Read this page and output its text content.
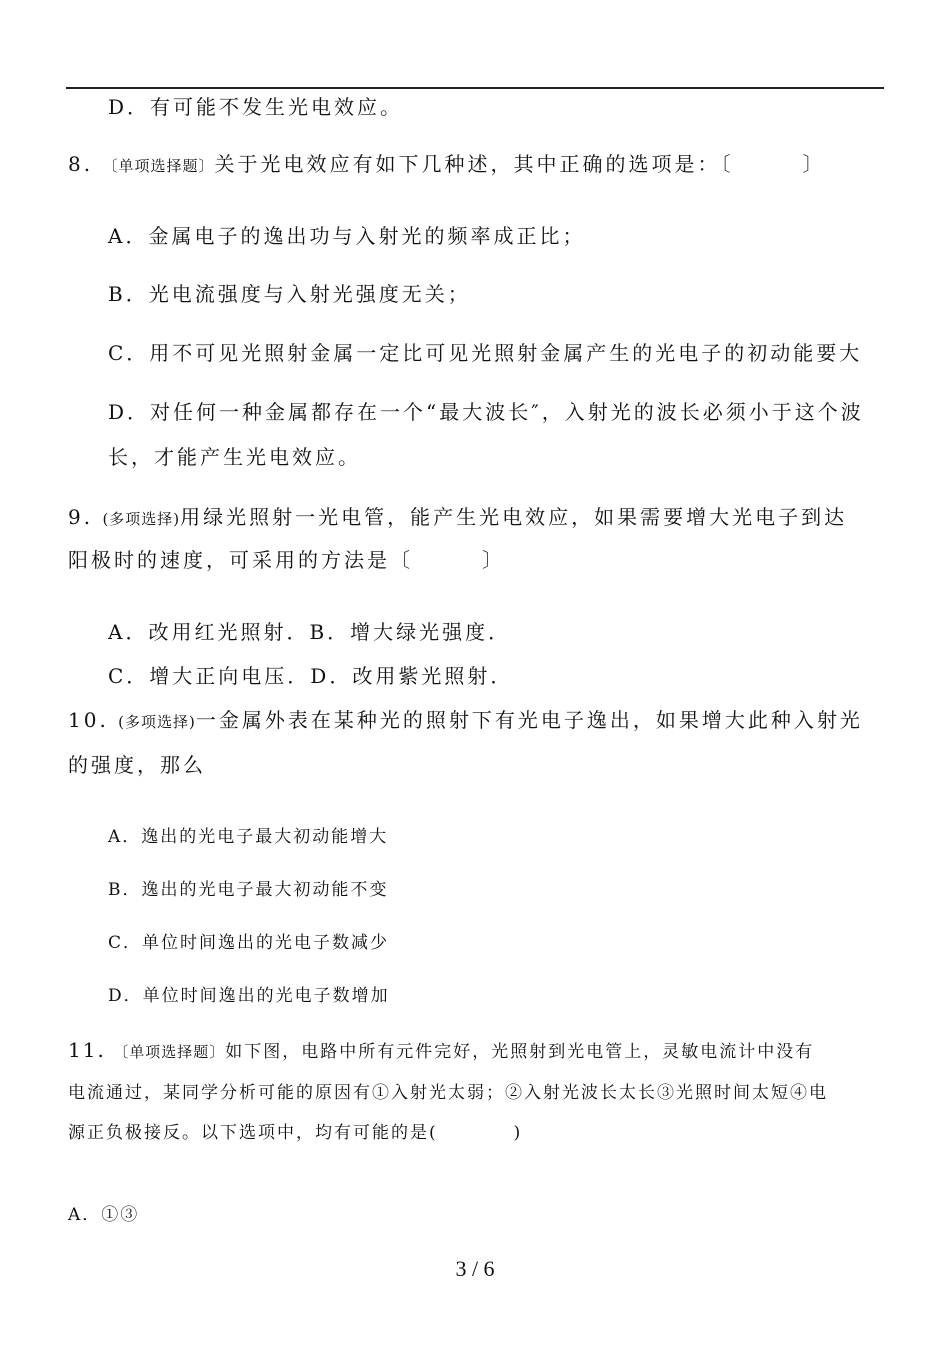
D．有可能不发生光电效应。
8. 〔单项选择题〕关于光电效应有如下几种述，其中正确的选项是：〔　　　〕
A．金属电子的逸出功与入射光的频率成正比；
B．光电流强度与入射光强度无关；
C．用不可见光照射金属一定比可见光照射金属产生的光电子的初动能要大
D．对任何一种金属都存在一个“最大波长″，入射光的波长必须小于这个波
长，才能产生光电效应。
9. (多项选择)用绿光照射一光电管，能产生光电效应，如果需要增大光电子到达
阳极时的速度，可采用的方法是〔　　　〕
A．改用红光照射．B．增大绿光强度．
C．增大正向电压．D．改用紫光照射．
10. (多项选择)一金属外表在某种光的照射下有光电子逸出，如果增大此种入射光
的强度，那么
A．逸出的光电子最大初动能增大
B．逸出的光电子最大初动能不变
C．单位时间逸出的光电子数减少
D．单位时间逸出的光电子数增加
11. 〔单项选择题〕如下图，电路中所有元件完好，光照射到光电管上，灵敏电流计中没有
电流通过，某同学分析可能的原因有①入射光太弱；②入射光波长太长③光照时间太短④电
源正负极接反。以下选项中，均有可能的是(　　　　)
A．①③
3 / 6
